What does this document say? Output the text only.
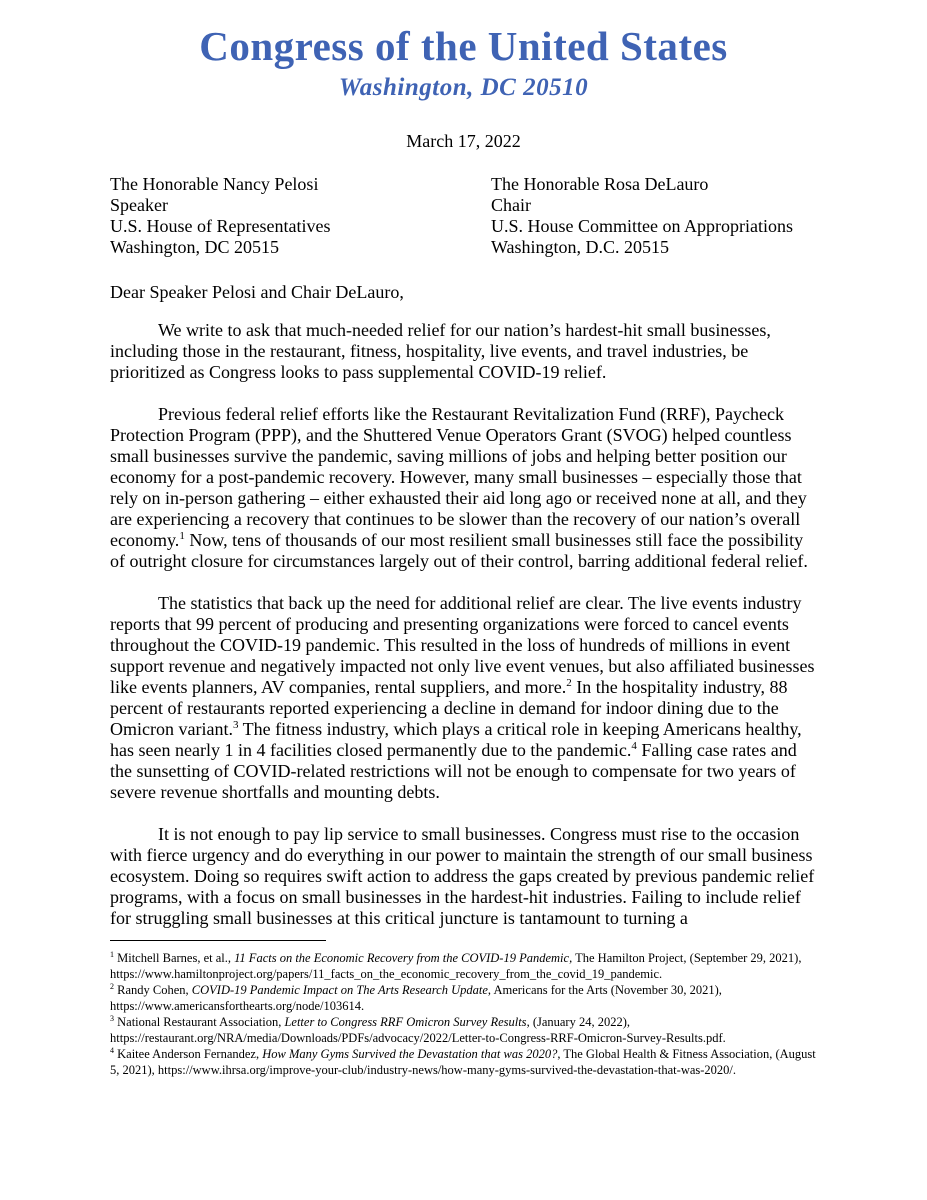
Congress of the United States
Washington, DC 20510
March 17, 2022
The Honorable Nancy Pelosi
Speaker
U.S. House of Representatives
Washington, DC 20515
The Honorable Rosa DeLauro
Chair
U.S. House Committee on Appropriations
Washington, D.C. 20515
Dear Speaker Pelosi and Chair DeLauro,

We write to ask that much-needed relief for our nation’s hardest-hit small businesses, including those in the restaurant, fitness, hospitality, live events, and travel industries, be prioritized as Congress looks to pass supplemental COVID-19 relief.

Previous federal relief efforts like the Restaurant Revitalization Fund (RRF), Paycheck Protection Program (PPP), and the Shuttered Venue Operators Grant (SVOG) helped countless small businesses survive the pandemic, saving millions of jobs and helping better position our economy for a post-pandemic recovery. However, many small businesses – especially those that rely on in-person gathering – either exhausted their aid long ago or received none at all, and they are experiencing a recovery that continues to be slower than the recovery of our nation’s overall economy.$^1$ Now, tens of thousands of our most resilient small businesses still face the possibility of outright closure for circumstances largely out of their control, barring additional federal relief.

The statistics that back up the need for additional relief are clear. The live events industry reports that 99 percent of producing and presenting organizations were forced to cancel events throughout the COVID-19 pandemic. This resulted in the loss of hundreds of millions in event support revenue and negatively impacted not only live event venues, but also affiliated businesses like events planners, AV companies, rental suppliers, and more.$^2$ In the hospitality industry, 88 percent of restaurants reported experiencing a decline in demand for indoor dining due to the Omicron variant.$^3$ The fitness industry, which plays a critical role in keeping Americans healthy, has seen nearly 1 in 4 facilities closed permanently due to the pandemic.$^4$ Falling case rates and the sunsetting of COVID-related restrictions will not be enough to compensate for two years of severe revenue shortfalls and mounting debts.

It is not enough to pay lip service to small businesses. Congress must rise to the occasion with fierce urgency and do everything in our power to maintain the strength of our small business ecosystem. Doing so requires swift action to address the gaps created by previous pandemic relief programs, with a focus on small businesses in the hardest-hit industries. Failing to include relief for struggling small businesses at this critical juncture is tantamount to turning a

$^1$ Mitchell Barnes, et al., 11 Facts on the Economic Recovery from the COVID-19 Pandemic, The Hamilton Project, (September 29, 2021), https://www.hamiltonproject.org/papers/11_facts_on_the_economic_recovery_from_the_covid_19_pandemic.
$^2$ Randy Cohen, COVID-19 Pandemic Impact on The Arts Research Update, Americans for the Arts (November 30, 2021), https://www.americansforthearts.org/node/103614.
$^3$ National Restaurant Association, Letter to Congress RRF Omicron Survey Results, (January 24, 2022), https://restaurant.org/NRA/media/Downloads/PDFs/advocacy/2022/Letter-to-Congress-RRF-Omicron-Survey-Results.pdf.
$^4$ Kaitee Anderson Fernandez, How Many Gyms Survived the Devastation that was 2020?, The Global Health & Fitness Association, (August 5, 2021), https://www.ihrsa.org/improve-your-club/industry-news/how-many-gyms-survived-the-devastation-that-was-2020/.
